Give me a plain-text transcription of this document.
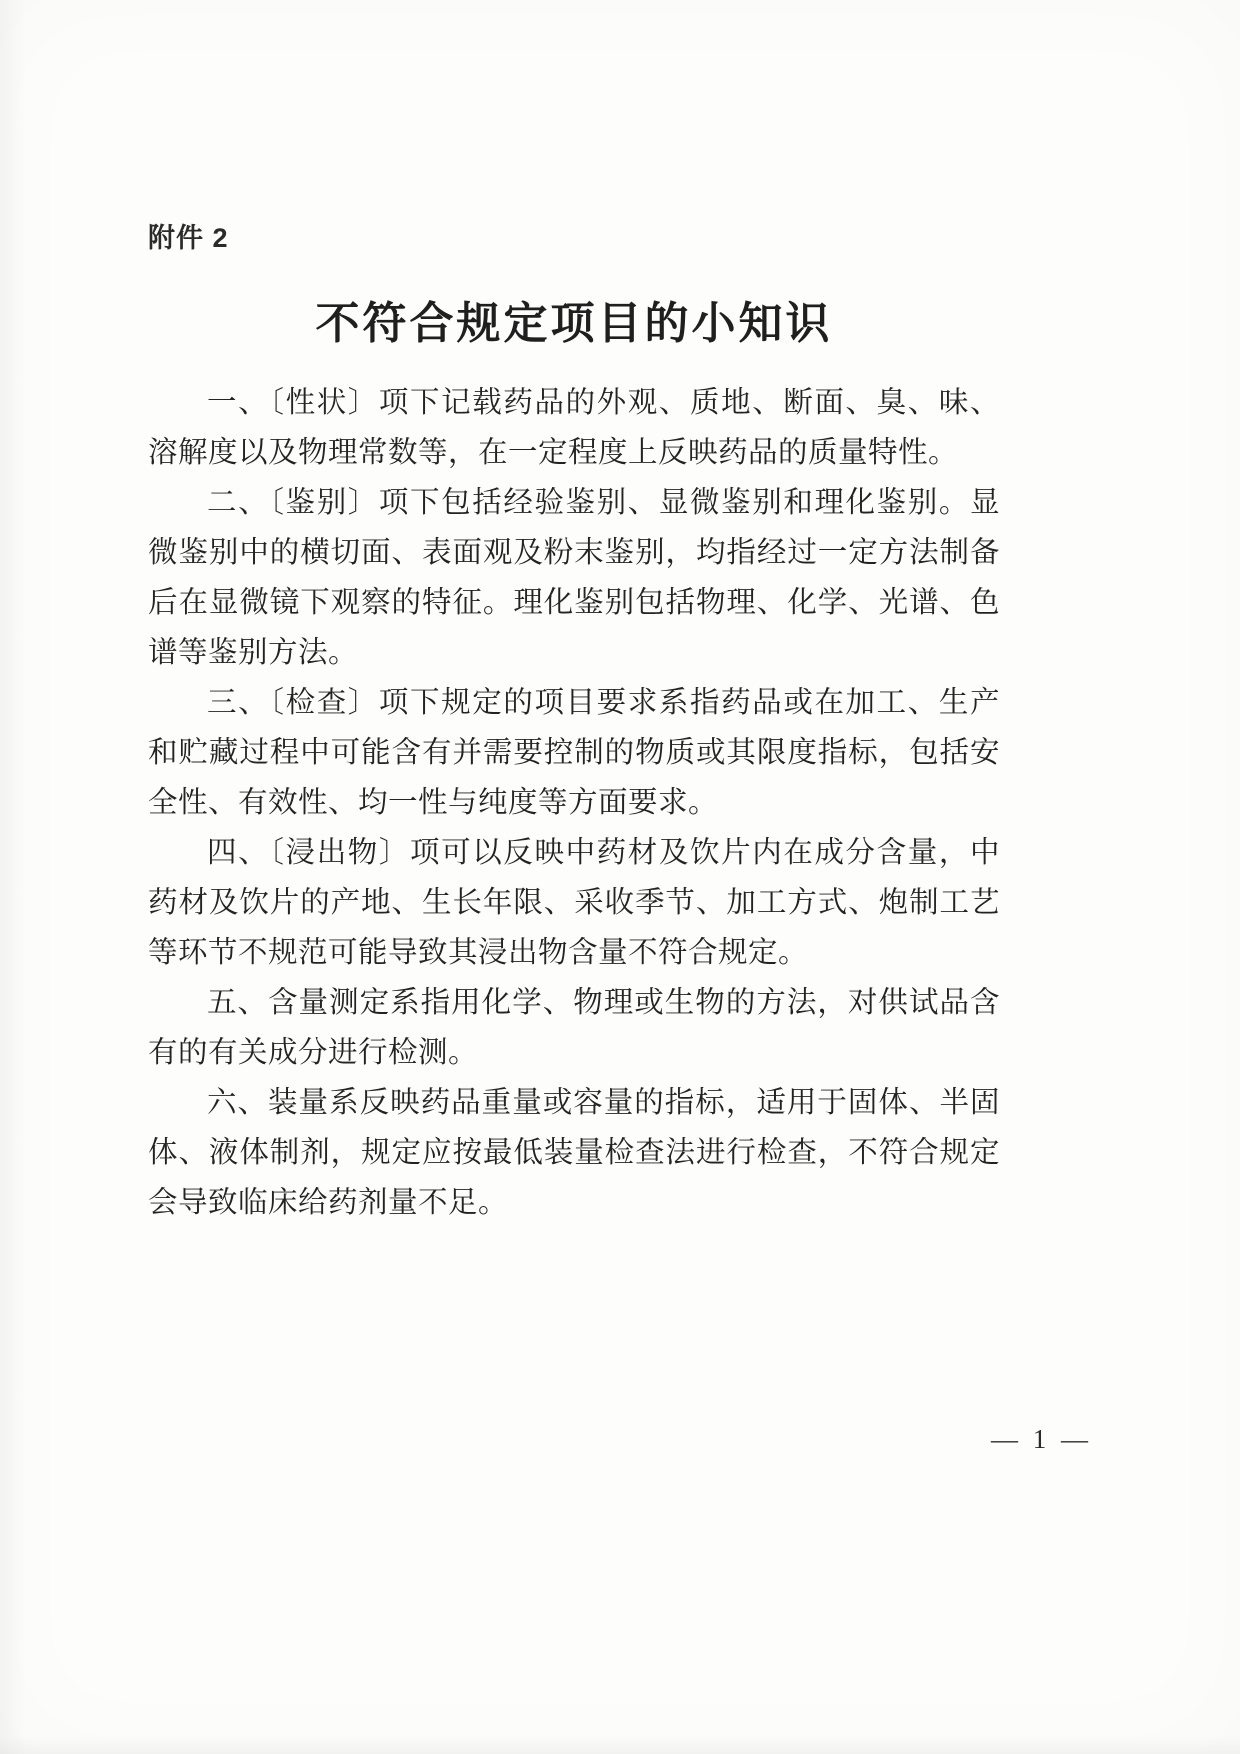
附件 2
不符合规定项目的小知识

一、〔性状〕项下记载药品的外观、质地、断面、臭、味、溶解度以及物理常数等，在一定程度上反映药品的质量特性。

二、〔鉴别〕项下包括经验鉴别、显微鉴别和理化鉴别。显微鉴别中的横切面、表面观及粉末鉴别，均指经过一定方法制备后在显微镜下观察的特征。理化鉴别包括物理、化学、光谱、色谱等鉴别方法。

三、〔检查〕项下规定的项目要求系指药品或在加工、生产和贮藏过程中可能含有并需要控制的物质或其限度指标，包括安全性、有效性、均一性与纯度等方面要求。

四、〔浸出物〕项可以反映中药材及饮片内在成分含量，中药材及饮片的产地、生长年限、采收季节、加工方式、炮制工艺等环节不规范可能导致其浸出物含量不符合规定。

五、含量测定系指用化学、物理或生物的方法，对供试品含有的有关成分进行检测。

六、装量系反映药品重量或容量的指标，适用于固体、半固体、液体制剂，规定应按最低装量检查法进行检查，不符合规定会导致临床给药剂量不足。

— 1 —
